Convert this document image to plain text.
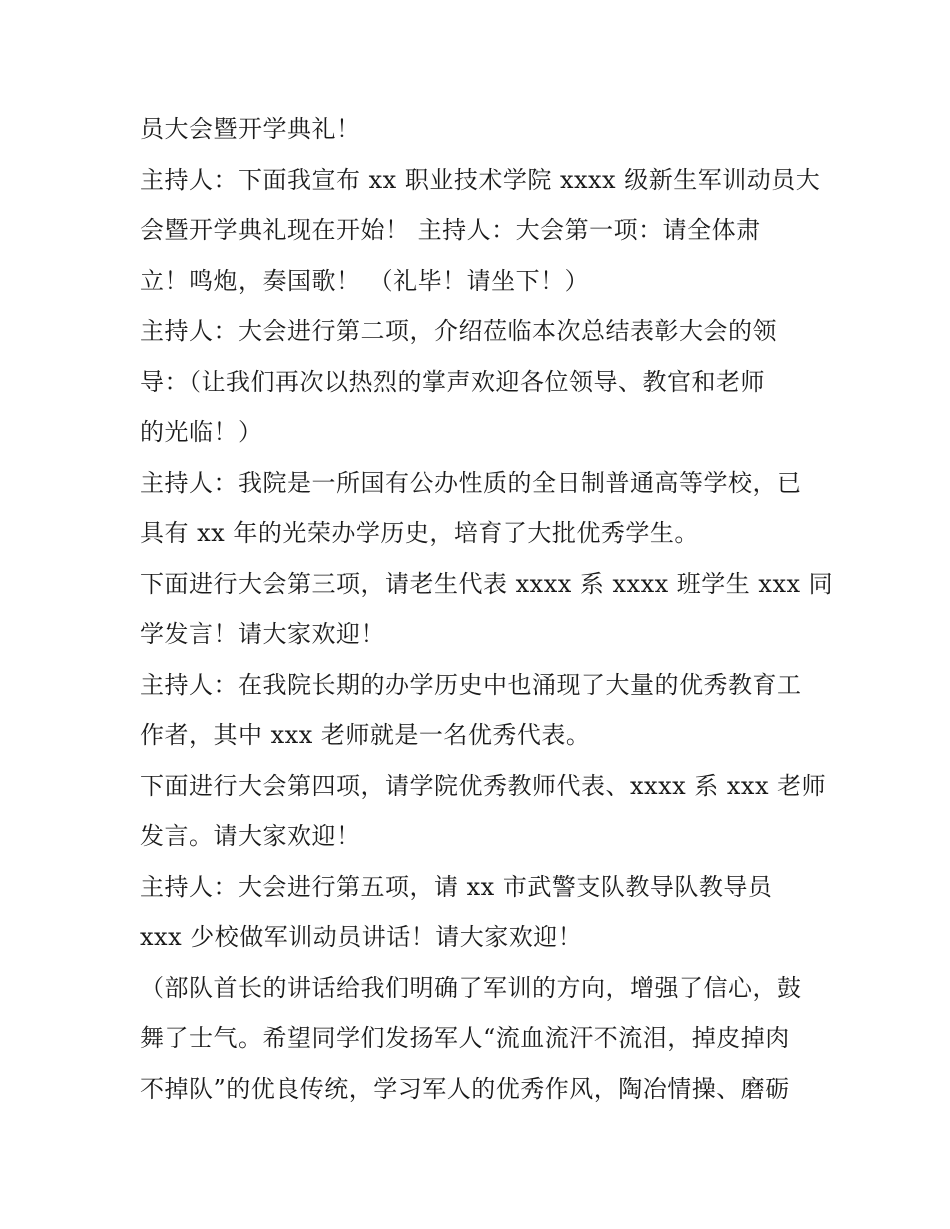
员大会暨开学典礼！
主持人：下面我宣布 xx 职业技术学院 xxxx 级新生军训动员大
会暨开学典礼现在开始！ 主持人：大会第一项：请全体肃
立！鸣炮，奏国歌！ （礼毕！请坐下！）
主持人：大会进行第二项，介绍莅临本次总结表彰大会的领
导：（让我们再次以热烈的掌声欢迎各位领导、教官和老师
的光临！）
主持人：我院是一所国有公办性质的全日制普通高等学校，已
具有 xx 年的光荣办学历史，培育了大批优秀学生。
下面进行大会第三项，请老生代表 xxxx 系 xxxx 班学生 xxx 同
学发言！请大家欢迎！
主持人：在我院长期的办学历史中也涌现了大量的优秀教育工
作者，其中 xxx 老师就是一名优秀代表。
下面进行大会第四项，请学院优秀教师代表、xxxx 系 xxx 老师
发言。请大家欢迎！
主持人：大会进行第五项，请 xx 市武警支队教导队教导员
xxx 少校做军训动员讲话！请大家欢迎！
（部队首长的讲话给我们明确了军训的方向，增强了信心，鼓
舞了士气。希望同学们发扬军人“流血流汗不流泪，掉皮掉肉
不掉队”的优良传统，学习军人的优秀作风，陶冶情操、磨砺
